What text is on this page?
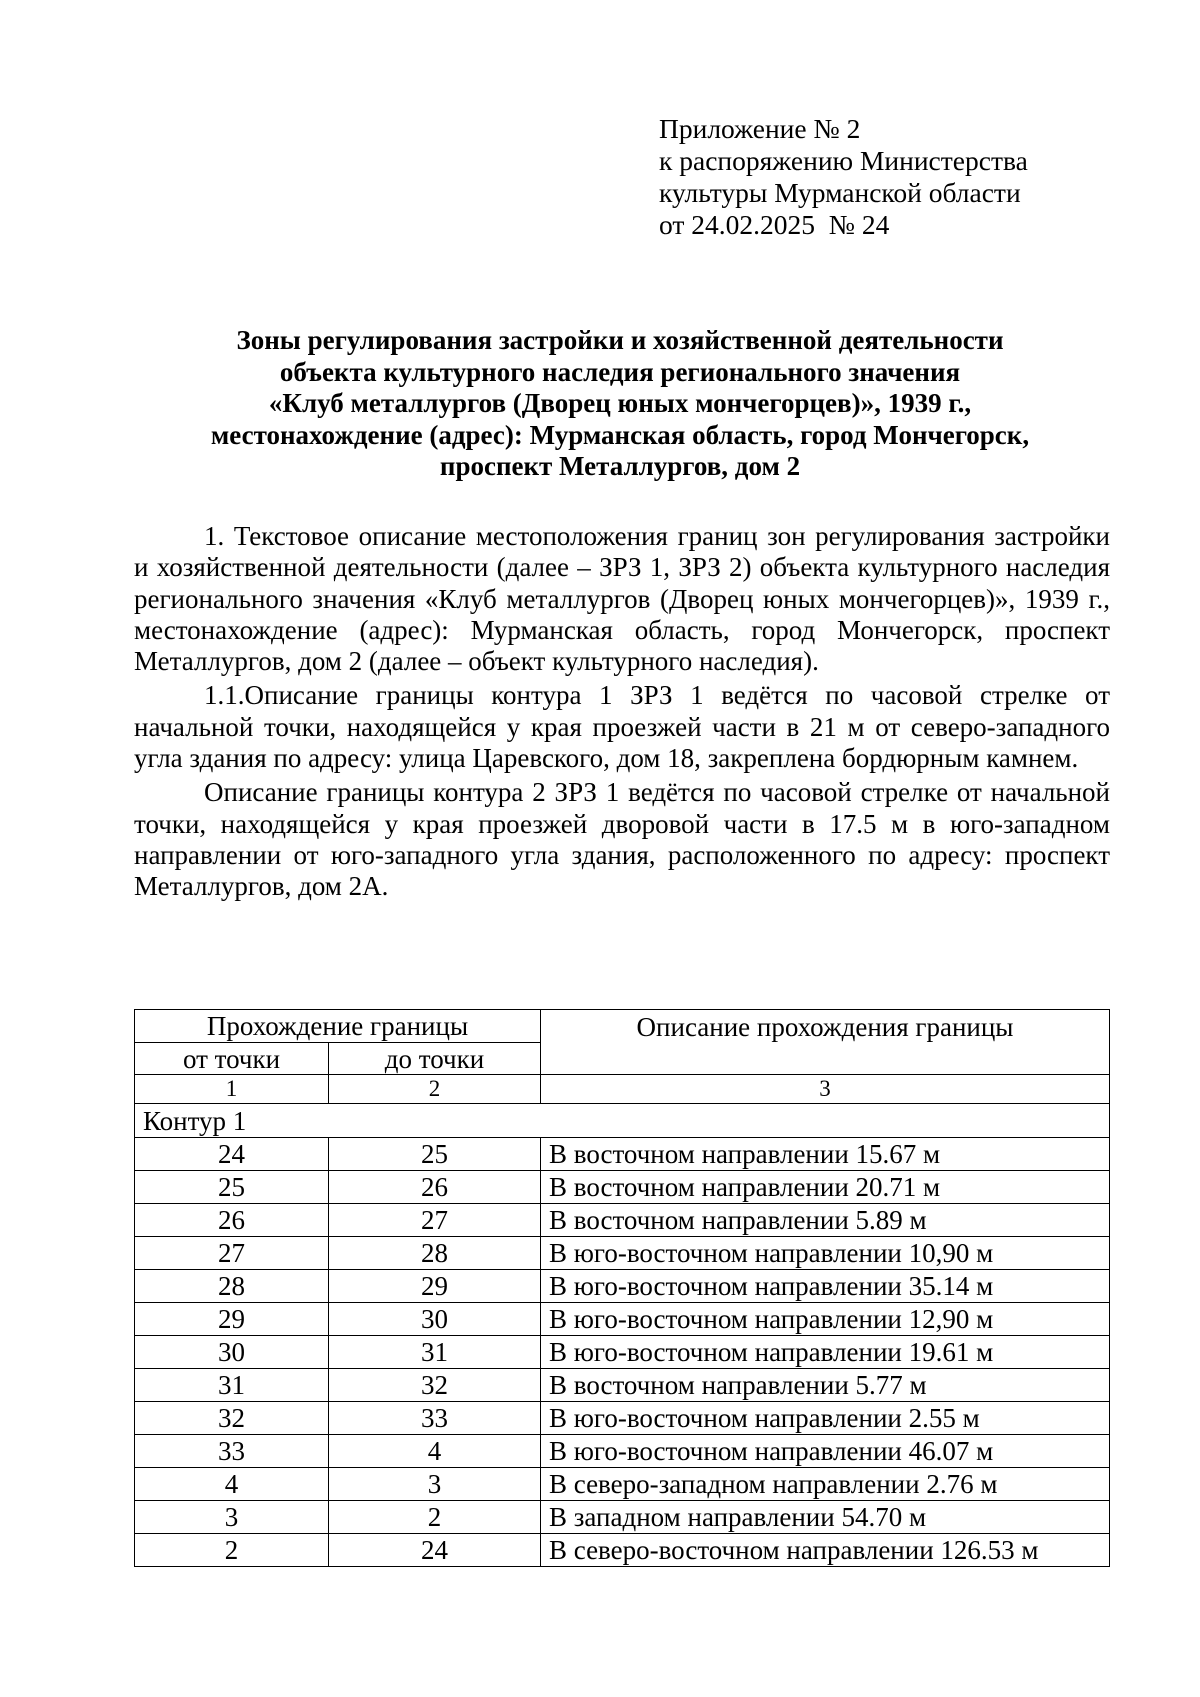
Приложение № 2
к распоряжению Министерства
культуры Мурманской области
от 24.02.2025  № 24
Зоны регулирования застройки и хозяйственной деятельности
объекта культурного наследия регионального значения
«Клуб металлургов (Дворец юных мончегорцев)», 1939 г.,
местонахождение (адрес): Мурманская область, город Мончегорск,
проспект Металлургов, дом 2

1. Текстовое описание местоположения границ зон регулирования застройки и хозяйственной деятельности (далее – ЗРЗ 1, ЗРЗ 2) объекта культурного наследия регионального значения «Клуб металлургов (Дворец юных мончегорцев)», 1939 г., местонахождение (адрес): Мурманская область, город Мончегорск, проспект Металлургов, дом 2 (далее – объект культурного наследия).

1.1.Описание границы контура 1 ЗРЗ 1 ведётся по часовой стрелке от начальной точки, находящейся у края проезжей части в 21 м от северо-западного угла здания по адресу: улица Царевского, дом 18, закреплена бордюрным камнем.

Описание границы контура 2 ЗРЗ 1 ведётся по часовой стрелке от начальной точки, находящейся у края проезжей дворовой части в 17.5 м в юго-западном направлении от юго-западного угла здания, расположенного по адресу: проспект Металлургов, дом 2А.

Прохождение границы		Описание прохождения границы
от точки	до точки	
1	2	3
Контур 1		
24	25	В восточном направлении 15.67 м
25	26	В восточном направлении 20.71 м
26	27	В восточном направлении 5.89 м
27	28	В юго-восточном направлении 10,90 м
28	29	В юго-восточном направлении 35.14 м
29	30	В юго-восточном направлении 12,90 м
30	31	В юго-восточном направлении 19.61 м
31	32	В восточном направлении 5.77 м
32	33	В юго-восточном направлении 2.55 м
33	4	В юго-восточном направлении 46.07 м
4	3	В северо-западном направлении 2.76 м
3	2	В западном направлении 54.70 м
2	24	В северо-восточном направлении 126.53 м
